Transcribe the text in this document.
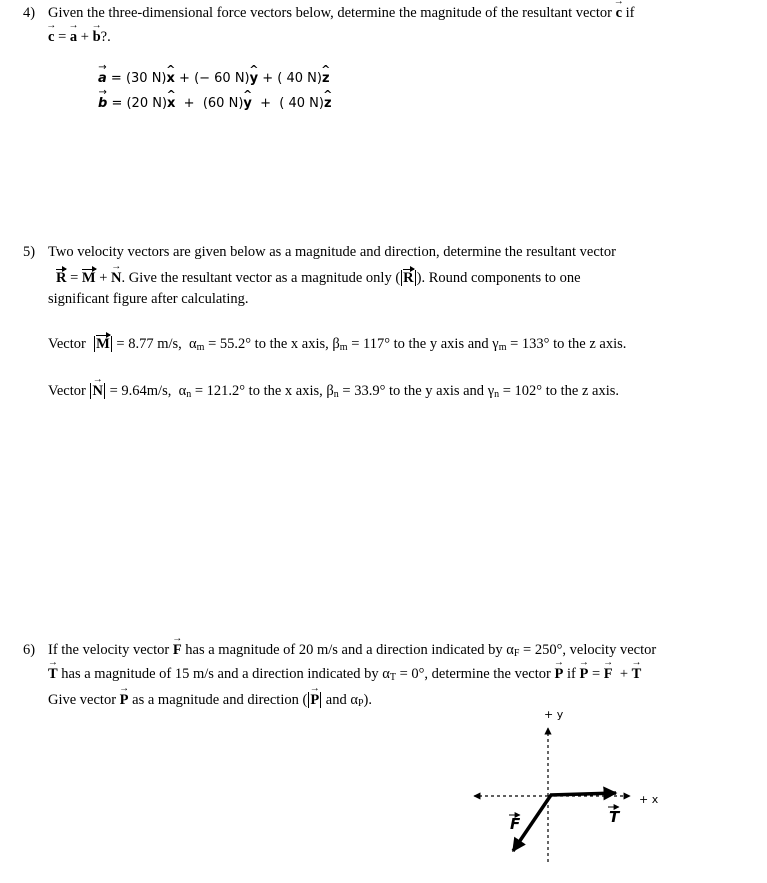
4) Given the three-dimensional force vectors below, determine the magnitude of the resultant vector → c if
→ c = → a + → b?.
→ a = (30 N)^ x + (− 60 N)^ y + ( 40 N)^ z
→ b = (20 N)^ x  +  (60 N)^ y  +  ( 40 N)^ z
5) Two velocity vectors are given below as a magnitude and direction, determine the resultant vector
R = M + → N. Give the resultant vector as a magnitude only ( R ). Round components to one
significant figure after calculating.
Vector M = 8.77 m/s,  $\alpha_m = 55.2^\circ$ to the x axis, $\beta_m = 117^\circ$ to the y axis and $\gamma_m = 133^\circ$ to the z axis.
Vector → N = 9.64m/s,  $\alpha_n = 121.2^\circ$ to the x axis, $\beta_n = 33.9^\circ$ to the y axis and $\gamma_n = 102^\circ$ to the z axis.
6) If the velocity vector → F has a magnitude of 20 m/s and a direction indicated by $\alpha_F = 250^\circ$, velocity vector
→ T has a magnitude of 15 m/s and a direction indicated by $\alpha_T = 0^\circ$, determine the vector → P if → P = → F  + → T
Give vector → P as a magnitude and direction ( → P and $\alpha_P$).
+ y
+ x
F	T
